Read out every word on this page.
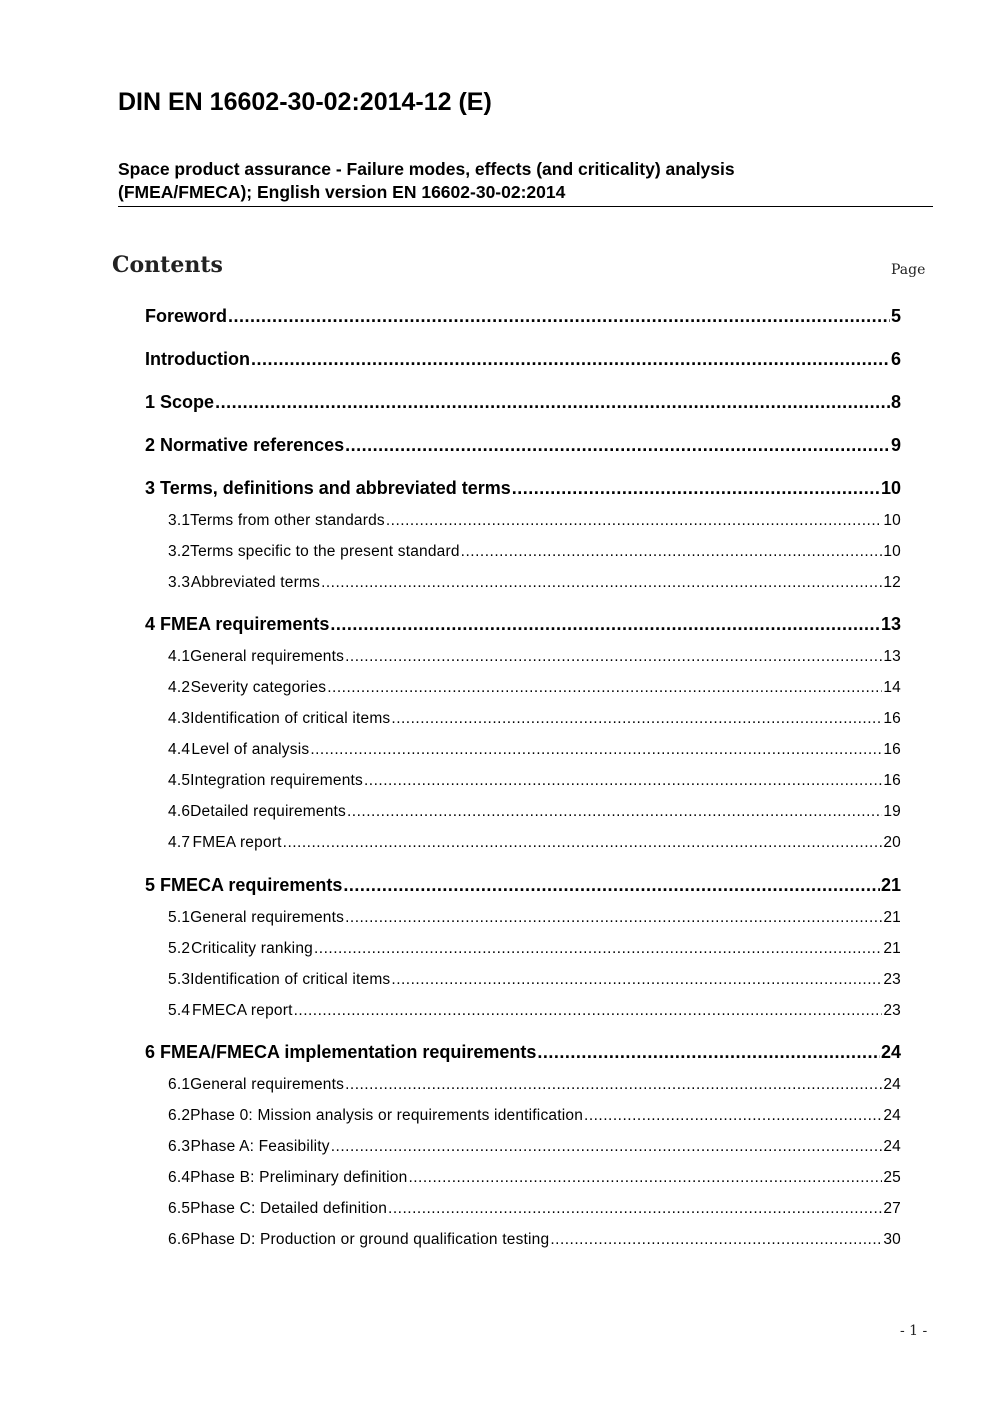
DIN EN 16602-30-02:2014-12 (E)
Space product assurance - Failure modes, effects (and criticality) analysis
(FMEA/FMECA); English version EN 16602-30-02:2014
Contents	Page
Foreword .....	5
Introduction .....	6
1 Scope .....	8
2 Normative references .....	9
3 Terms, definitions and abbreviated terms .....	10
3.1 Terms from other standards .....	10
3.2 Terms specific to the present standard .....	10
3.3 Abbreviated terms .....	12
4 FMEA requirements .....	13
4.1 General requirements .....	13
4.2 Severity categories .....	14
4.3 Identification of critical items .....	16
4.4 Level of analysis .....	16
4.5 Integration requirements .....	16
4.6 Detailed requirements .....	19
4.7 FMEA report .....	20
5 FMECA requirements .....	21
5.1 General requirements .....	21
5.2 Criticality ranking .....	21
5.3 Identification of critical items .....	23
5.4 FMECA report .....	23
6 FMEA/FMECA implementation requirements .....	24
6.1 General requirements .....	24
6.2 Phase 0: Mission analysis or requirements identification .....	24
6.3 Phase A: Feasibility .....	24
6.4 Phase B: Preliminary definition .....	25
6.5 Phase C: Detailed definition .....	27
6.6 Phase D: Production or ground qualification testing .....	30
- 1 -
